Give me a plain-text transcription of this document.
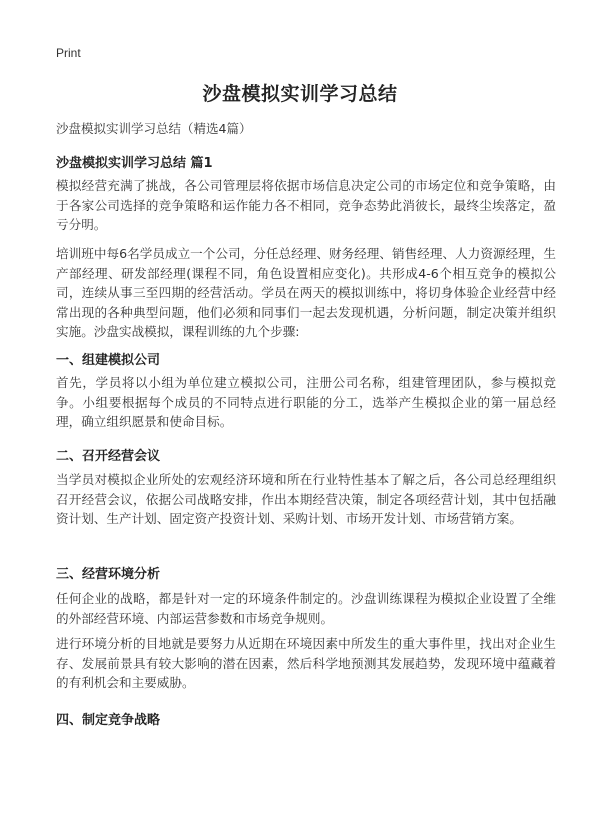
Print
沙盘模拟实训学习总结
沙盘模拟实训学习总结（精选4篇）
沙盘模拟实训学习总结 篇1

模拟经营充满了挑战，各公司管理层将依据市场信息决定公司的市场定位和竞争策略，由于各家公司选择的竞争策略和运作能力各不相同，竞争态势此消彼长，最终尘埃落定，盈亏分明。

培训班中每6名学员成立一个公司，分任总经理、财务经理、销售经理、人力资源经理，生产部经理、研发部经理(课程不同，角色设置相应变化)。共形成4-6个相互竞争的模拟公司，连续从事三至四期的经营活动。学员在两天的模拟训练中，将切身体验企业经营中经常出现的各种典型问题，他们必须和同事们一起去发现机遇，分析问题，制定决策并组织实施。沙盘实战模拟，课程训练的九个步骤:

一、组建模拟公司

首先，学员将以小组为单位建立模拟公司，注册公司名称，组建管理团队，参与模拟竞争。小组要根据每个成员的不同特点进行职能的分工，选举产生模拟企业的第一届总经理，确立组织愿景和使命目标。

二、召开经营会议

当学员对模拟企业所处的宏观经济环境和所在行业特性基本了解之后，各公司总经理组织召开经营会议，依据公司战略安排，作出本期经营决策，制定各项经营计划，其中包括融资计划、生产计划、固定资产投资计划、采购计划、市场开发计划、市场营销方案。

三、经营环境分析

任何企业的战略，都是针对一定的环境条件制定的。沙盘训练课程为模拟企业设置了全维的外部经营环境、内部运营参数和市场竞争规则。

进行环境分析的目地就是要努力从近期在环境因素中所发生的重大事件里，找出对企业生存、发展前景具有较大影响的潜在因素，然后科学地预测其发展趋势，发现环境中蕴藏着的有利机会和主要威胁。

四、制定竞争战略
